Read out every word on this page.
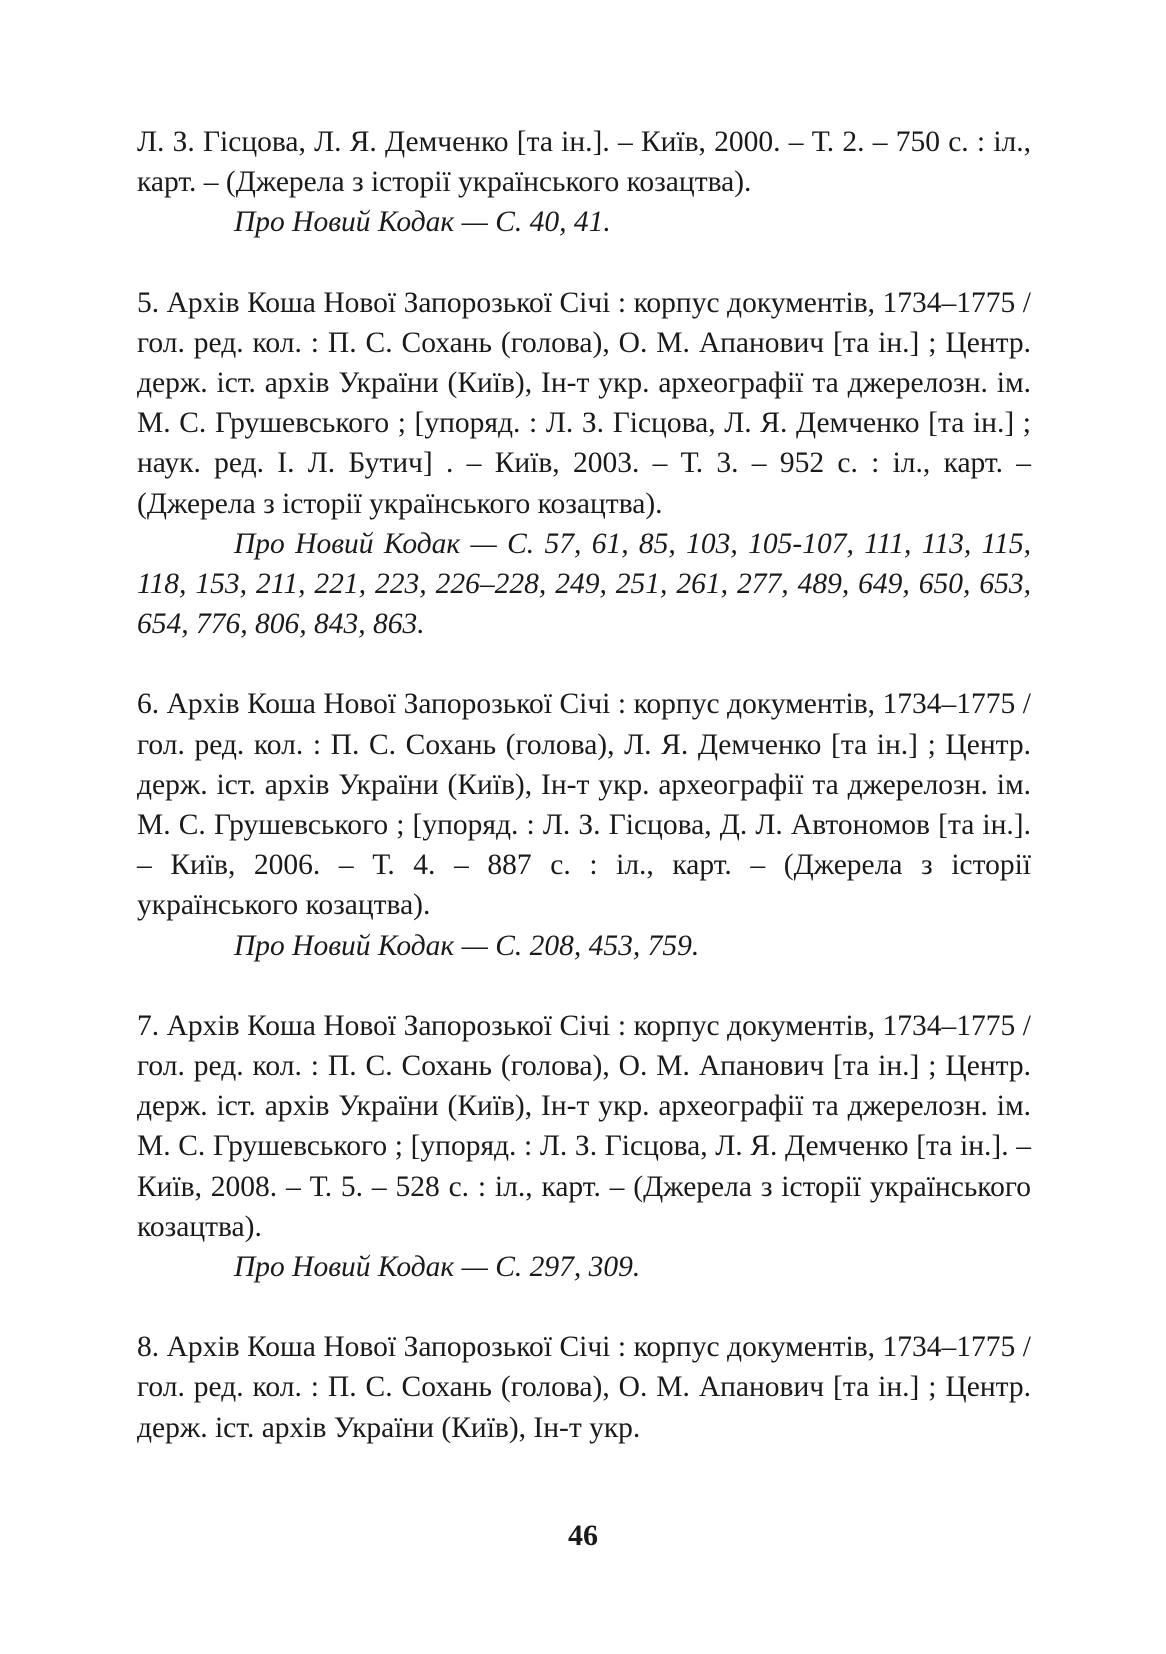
Л. З. Гісцова, Л. Я. Демченко [та ін.]. – Київ, 2000. – Т. 2. – 750 с. : іл., карт. – (Джерела з історії українського козацтва).

Про Новий Кодак — С. 40, 41.

5. Архів Коша Нової Запорозької Січі : корпус документів, 1734–1775 / гол. ред. кол. : П. С. Сохань (голова), О. М. Апанович [та ін.] ; Центр. держ. іст. архів України (Київ), Ін-т укр. археографії та джерелозн. ім. М. С. Грушевського ; [упоряд. : Л. З. Гісцова, Л. Я. Демченко [та ін.] ; наук. ред. І. Л. Бутич] . – Київ, 2003. – Т. 3. – 952 с. : іл., карт. – (Джерела з історії українського козацтва).

Про Новий Кодак — С. 57, 61, 85, 103, 105-107, 111, 113, 115, 118, 153, 211, 221, 223, 226–228, 249, 251, 261, 277, 489, 649, 650, 653, 654, 776, 806, 843, 863.

6. Архів Коша Нової Запорозької Січі : корпус документів, 1734–1775 / гол. ред. кол. : П. С. Сохань (голова), Л. Я. Демченко [та ін.] ; Центр. держ. іст. архів України (Київ), Ін-т укр. археографії та джерелозн. ім. М. С. Грушевського ; [упоряд. : Л. З. Гісцова, Д. Л. Автономов [та ін.]. – Київ, 2006. – Т. 4. – 887 с. : іл., карт. – (Джерела з історії українського козацтва).

Про Новий Кодак — С. 208, 453, 759.

7. Архів Коша Нової Запорозької Січі : корпус документів, 1734–1775 / гол. ред. кол. : П. С. Сохань (голова), О. М. Апанович [та ін.] ; Центр. держ. іст. архів України (Київ), Ін-т укр. археографії та джерелозн. ім. М. С. Грушевського ; [упоряд. : Л. З. Гісцова, Л. Я. Демченко [та ін.]. – Київ, 2008. – Т. 5. – 528 с. : іл., карт. – (Джерела з історії українського козацтва).

Про Новий Кодак — С. 297, 309.

8. Архів Коша Нової Запорозької Січі : корпус документів, 1734–1775 / гол. ред. кол. : П. С. Сохань (голова), О. М. Апанович [та ін.] ; Центр. держ. іст. архів України (Київ), Ін-т укр.

46
